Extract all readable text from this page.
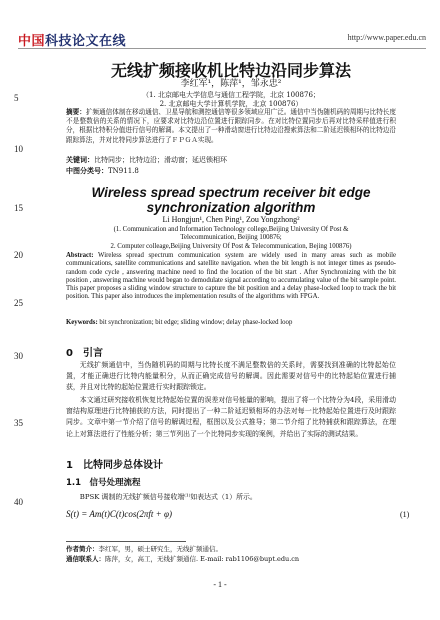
中国科技论文在线	http://www.paper.edu.cn
5
10
15
20
25
30
35
40
无线扩频接收机比特边沿同步算法
李红军¹，陈萍¹，邹永忠²
（1. 北京邮电大学信息与通信工程学院，北京 100876；
2. 北京邮电大学计算机学院，北京 100876）
摘要：扩频通信体制在移动通信、卫星导航和测控通信等很多领域应用广泛。通信中当伪随机码的周期与比特长度不是整数倍的关系的情况下，应要求对比特边沿位置进行跟踪同步。在对比特位置同步后再对比特采样值进行积分，根据比特积分值进行信号的解调。本文提出了一种滑动窗进行比特边沿搜索算法和二阶延迟锁相环的比特边沿跟踪算法，并对比特同步算法进行了ＦＰＧＡ实现。
关键词：比特同步；比特边沿；滑动窗；延迟锁相环
中图分类号：TN911.8
Wireless spread spectrum receiver bit edge synchronization algorithm
Li Hongjun¹, Chen Ping¹, Zou Yongzhong²
(1. Communication and Information Technology college,Beijing University Of Post &
Telecommunication, Beijing 100876;
2. Computer colleage,Beijing University Of Post & Telecommunication, Bejing 100876)
Abstract: Wireless spread spectrum communication system are widely used in many areas such as mobile communications, satellite communications and satellite navigation. when the bit length is not integer times as pseudo-random code cycle , answering machine need to find the location of the bit start . After Synchronizing with the bit position , answering machine would began to demodulate signal according to accumulating value of the bit sample point. This paper proposes a sliding window structure to capture the bit position and a delay phase-locked loop to track the bit position. This paper also introduces the implementation results of the algorithms with FPGA.
Keywords: bit synchronization; bit edge; sliding window; delay phase-locked loop
0　引言
无线扩频通信中，当伪随机码的周期与比特长度不满足整数倍的关系时，需要找到准确的比特起始位置，才能正确进行比特内能量积分，从而正确完成信号的解调。因此需要对信号中的比特起始位置进行捕获，并且对比特的起始位置进行实时跟踪锁定。
本文通过研究接收机恢复比特起始位置的误差对信号能量的影响，提出了将一个比特分为4段，采用滑动窗结构原理进行比特捕获的方法，同时提出了一种二阶延迟锁相环的办法对每一比特起始位置进行及时跟踪同步。文章中第一节介绍了信号的解调过程，框图以及公式推导；第二节介绍了比特捕获和跟踪算法，在理论上对算法进行了性能分析；第三节列出了一个比特同步实现的案例，并给出了实际的测试结果。
1　比特同步总体设计
1.1　信号处理流程
BPSK 调制的无线扩频信号接收端⁽¹⁾如表达式（1）所示。
S(t) = Am(t)C(t)cos(2πft + φ)	(1)
作者简介：李红军，男，硕士研究生，无线扩频通信。
通信联系人：陈萍，女，高工，无线扩频通信. E-mail: rab1106@bupt.edu.cn
- 1 -
